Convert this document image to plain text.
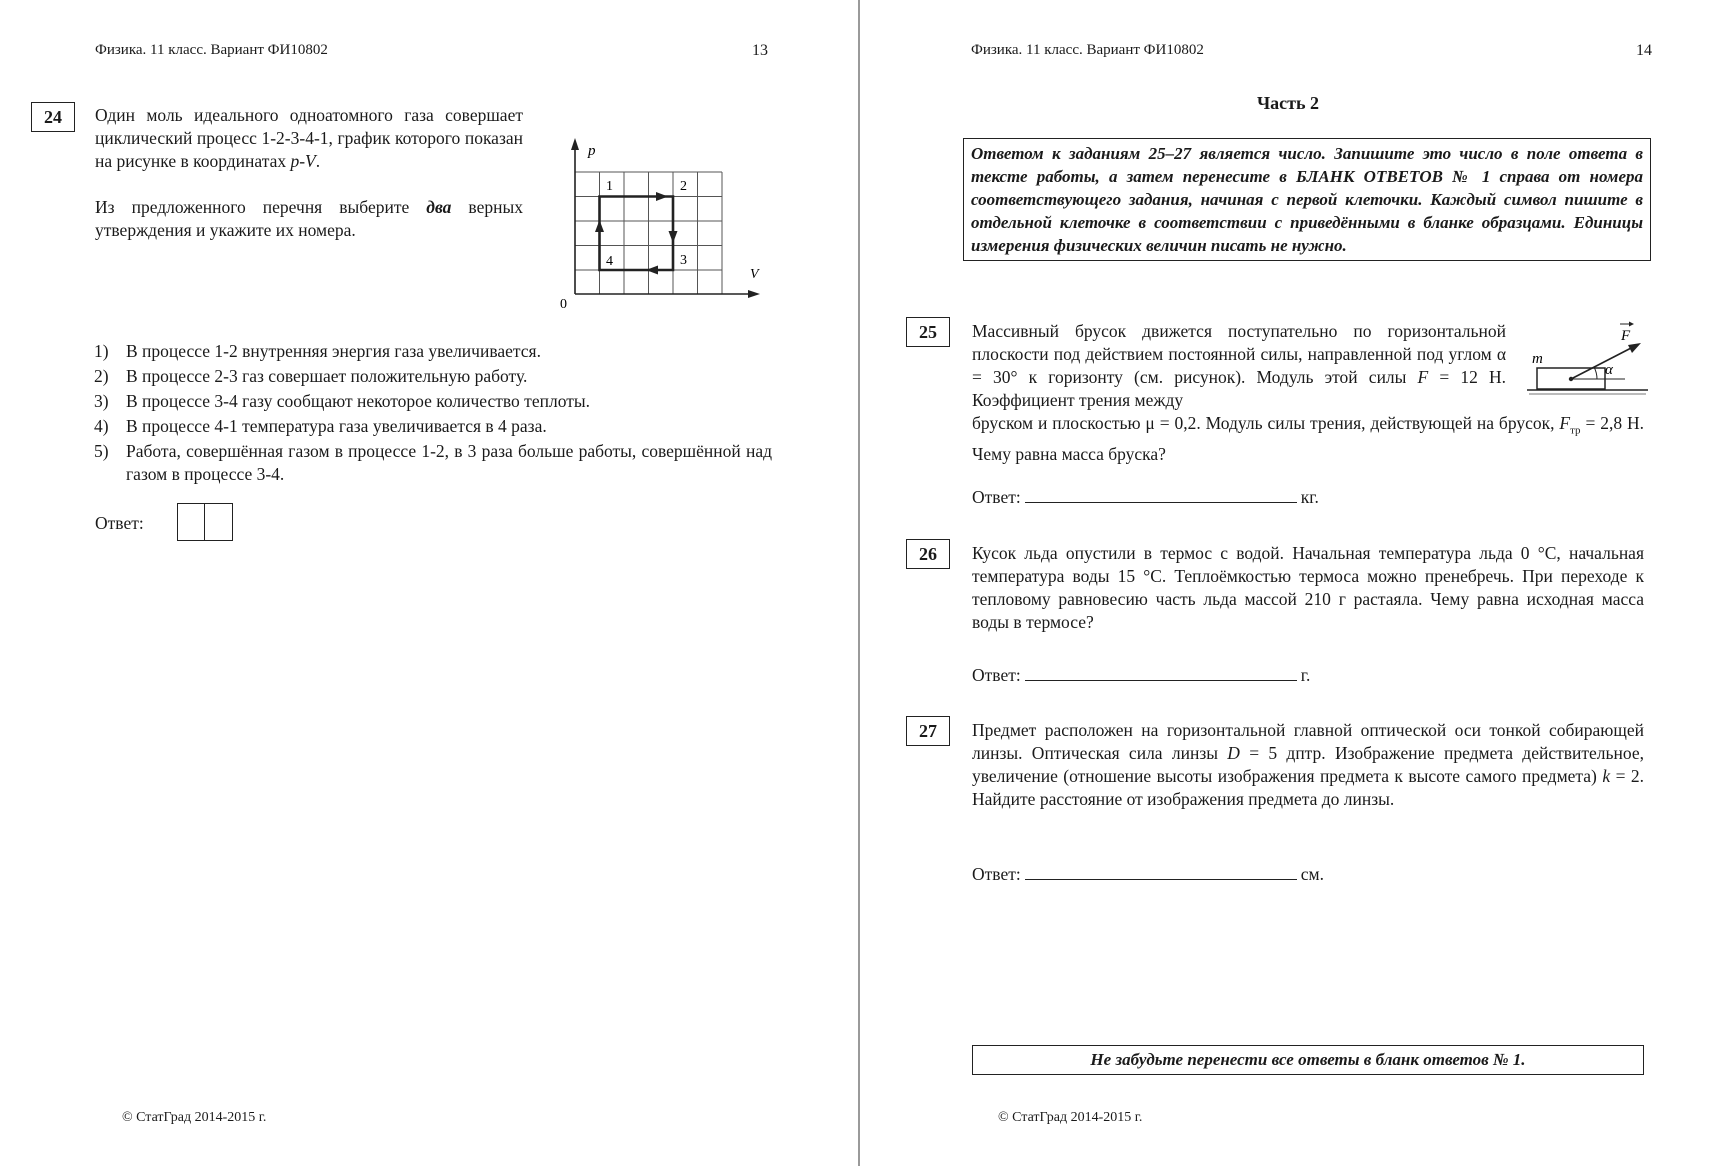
Физика. 11 класс. Вариант ФИ10802	13
24	Один моль идеального одноатомного газа совершает циклический процесс 1-2-3-4-1, график которого показан на рисунке в координатах p-V.

Из предложенного перечня выберите два верных утверждения и укажите их номера.

p
V
0
1	2
3
4
1) В процессе 1-2 внутренняя энергия газа увеличивается.
2) В процессе 2-3 газ совершает положительную работу.
3) В процессе 3-4 газу сообщают некоторое количество теплоты.
4) В процессе 4-1 температура газа увеличивается в 4 раза.
5) Работа, совершённая газом в процессе 1-2, в 3 раза больше работы, совершённой над газом в процессе 3-4.
Ответ:
© СтатГрад 2014-2015 г.
Физика. 11 класс. Вариант ФИ10802	14
Часть 2
Ответом к заданиям 25–27 является число. Запишите это число в поле ответа в тексте работы, а затем перенесите в БЛАНК ОТВЕТОВ № 1 справа от номера соответствующего задания, начиная с первой клеточки. Каждый символ пишите в отдельной клеточке в соответствии с приведёнными в бланке образцами. Единицы измерения физических величин писать не нужно.
25	Массивный брусок движется поступательно по горизонтальной плоскости под действием постоянной силы, направленной под углом α = 30° к горизонту (см. рисунок). Модуль этой силы F = 12 Н. Коэффициент трения между

бруском и плоскостью μ = 0,2. Модуль силы трения, действующей на брусок, $F_{тр} = 2,8$ Н. Чему равна масса бруска?

m
F
α
Ответ:	кг.
26	Кусок льда опустили в термос с водой. Начальная температура льда 0 °С, начальная температура воды 15 °С. Теплоёмкостью термоса можно пренебречь. При переходе к тепловому равновесию часть льда массой 210 г растаяла. Чему равна исходная масса воды в термосе?

Ответ:	г.
27	Предмет расположен на горизонтальной главной оптической оси тонкой собирающей линзы. Оптическая сила линзы D = 5 дптр. Изображение предмета действительное, увеличение (отношение высоты изображения предмета к высоте самого предмета) k = 2. Найдите расстояние от изображения предмета до линзы.

Ответ:	см.
Не забудьте перенести все ответы в бланк ответов № 1.
© СтатГрад 2014-2015 г.
